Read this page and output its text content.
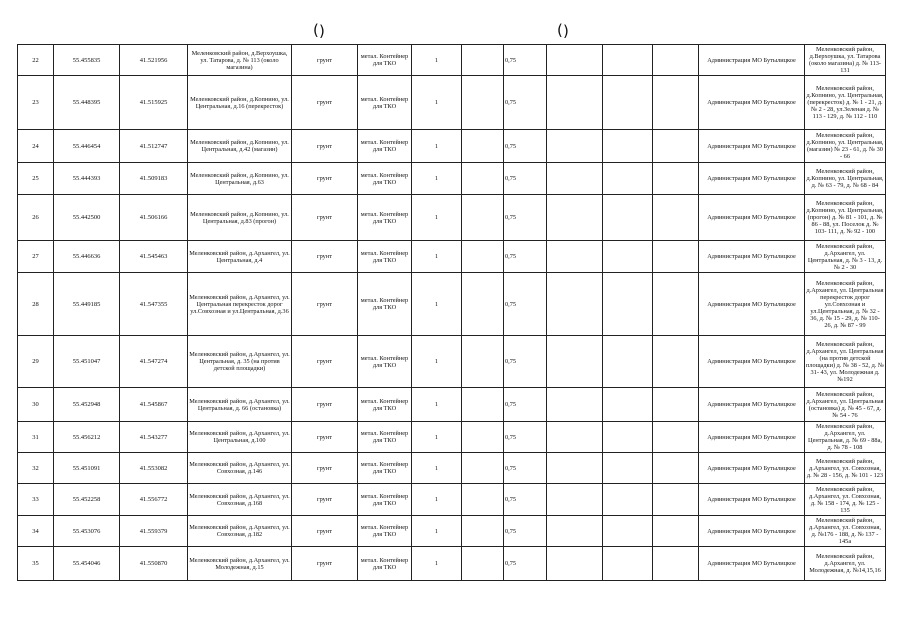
( )	( )
22	55.455835	41.521956	Меленковский район, д.Верхоушка, ул. Татарова, д. № 113 (около магазина)	грунт	метал. Контейнер для ТКО	1		0,75				Администрация МО Бутылицкое	Меленковский район, д.Верхоушка, ул. Татарова (около магазина) д. № 113- 131
23	55.448395	41.515925	Меленковский район, д.Копнино, ул. Центральная, д.16 (перекресток)	грунт	метал. Контейнер для ТКО	1		0,75				Администрация МО Бутылицкое	Меленковский район, д.Копнино, ул. Центральная, (перекресток) д. № 1 - 21, д. № 2 - 28, ул.Зеленая д. № 113 - 129, д. № 112 - 110
24	55.446454	41.512747	Меленковский район, д.Копнино, ул. Центральная, д.42 (магазин)	грунт	метал. Контейнер для ТКО	1		0,75				Администрация МО Бутылицкое	Меленковский район, д.Копнино, ул. Центральная, (магазин) № 23 - 61, д. № 30 - 66
25	55.444393	41.509183	Меленковский район, д.Копнино, ул. Центральная, д.63	грунт	метал. Контейнер для ТКО	1		0,75				Администрация МО Бутылицкое	Меленковский район, д.Копнино, ул. Центральная, д. № 63 - 79, д. № 68 - 84
26	55.442500	41.506166	Меленковский район, д.Копнино, ул. Центральная, д.83 (прогон)	грунт	метал. Контейнер для ТКО	1		0,75				Администрация МО Бутылицкое	Меленковский район, д.Копнино, ул. Центральная,(прогон) д. № 81 - 101, д. № 86 - 88, ул. Поселок д. № 103- 111, д. № 92 - 100
27	55.446636	41.545463	Меленковский район, д.Архангел, ул. Центральная, д.4	грунт	метал. Контейнер для ТКО	1		0,75				Администрация МО Бутылицкое	Меленковский район, д.Архангел, ул. Центральная, д. № 3 - 13, д. № 2 - 30
28	55.449185	41.547355	Меленковский район, д.Архангел, ул. Центральная перекресток дорог ул.Совхозная и ул.Центральная, д.36	грунт	метал. Контейнер для ТКО	1		0,75				Администрация МО Бутылицкое	Меленковский район, д.Архангел, ул. Центральная перекресток дорог ул.Совхозная и ул.Центральная, д. № 32 - 36, д. № 15 - 29, д. № 110- 26, д. № 87 - 99
29	55.451047	41.547274	Меленковский район, д.Архангел, ул. Центральная, д. 35 (на против детской площадки)	грунт	метал. Контейнер для ТКО	1		0,75				Администрация МО Бутылицкое	Меленковский район, д.Архангел, ул. Центральная (на против детской площадки) д. № 38 - 52, д. № 31- 43, ул. Молодежная д. №192
30	55.452948	41.545867	Меленковский район, д.Архангел, ул. Центральная, д. 66 (остановка)	грунт	метал. Контейнер для ТКО	1		0,75				Администрация МО Бутылицкое	Меленковский район, д.Архангел, ул. Центральная (остановка) д. № 45 - 67, д. № 54 - 76
31	55.456212	41.543277	Меленковский район, д.Архангел, ул. Центральная, д.100	грунт	метал. Контейнер для ТКО	1		0,75				Администрация МО Бутылицкое	Меленковский район, д.Архангел, ул. Центральная, д. № 69 - 88а, д. № 78 - 108
32	55.451091	41.553082	Меленковский район, д.Архангел, ул. Совхозная, д.146	грунт	метал. Контейнер для ТКО	1		0,75				Администрация МО Бутылицкое	Меленковский район, д.Архангел, ул. Совхозная, д. № 28 - 156, д. № 101 - 123
33	55.452258	41.556772	Меленковский район, д.Архангел, ул. Совхозная, д.168	грунт	метал. Контейнер для ТКО	1		0,75				Администрация МО Бутылицкое	Меленковский район, д.Архангел, ул. Совхозная, д. № 158 - 174, д. № 125 - 135
34	55.453076	41.559379	Меленковский район, д.Архангел, ул. Совхозная, д.182	грунт	метал. Контейнер для ТКО	1		0,75				Администрация МО Бутылицкое	Меленковский район, д.Архангел, ул. Совхозная, д. №176 - 188, д. № 137 - 145а
35	55.454046	41.550870	Меленковский район, д.Архангел, ул. Молодежная, д.15	грунт	метал. Контейнер для ТКО	1		0,75				Администрация МО Бутылицкое	Меленковский район, д.Архангел, ул. Молодежная, д. №14,15,16
